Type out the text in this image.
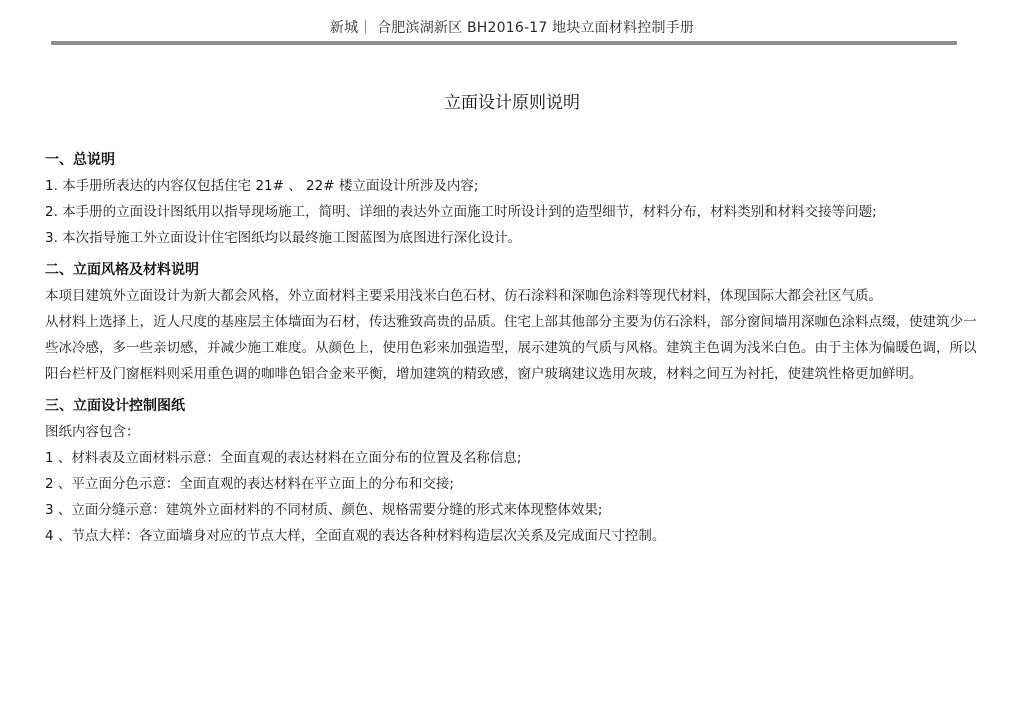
新城｜ 合肥滨湖新区 BH2016-17 地块立面材料控制手册
立面设计原则说明
一、总说明
1. 本手册所表达的内容仅包括住宅 21# 、 22# 楼立面设计所涉及内容;
2. 本手册的立面设计图纸用以指导现场施工，简明、详细的表达外立面施工时所设计到的造型细节，材料分布，材料类别和材料交接等问题;
3. 本次指导施工外立面设计住宅图纸均以最终施工图蓝图为底图进行深化设计。
二、立面风格及材料说明
本项目建筑外立面设计为新大都会风格，外立面材料主要采用浅米白色石材、仿石涂料和深咖色涂料等现代材料，体现国际大都会社区气质。
从材料上选择上，近人尺度的基座层主体墙面为石材，传达雅致高贵的品质。住宅上部其他部分主要为仿石涂料，部分窗间墙用深咖色涂料点缀，使建筑少一些冰冷感，多一些亲切感，并减少施工难度。从颜色上，使用色彩来加强造型，展示建筑的气质与风格。建筑主色调为浅米白色。由于主体为偏暖色调，所以阳台栏杆及门窗框料则采用重色调的咖啡色铝合金来平衡，增加建筑的精致感，窗户玻璃建议选用灰玻，材料之间互为衬托，使建筑性格更加鲜明。
三、立面设计控制图纸
图纸内容包含：
1 、材料表及立面材料示意：全面直观的表达材料在立面分布的位置及名称信息;
2 、平立面分色示意：全面直观的表达材料在平立面上的分布和交接;
3 、立面分缝示意：建筑外立面材料的不同材质、颜色、规格需要分缝的形式来体现整体效果;
4 、节点大样：各立面墙身对应的节点大样，全面直观的表达各种材料构造层次关系及完成面尺寸控制。
